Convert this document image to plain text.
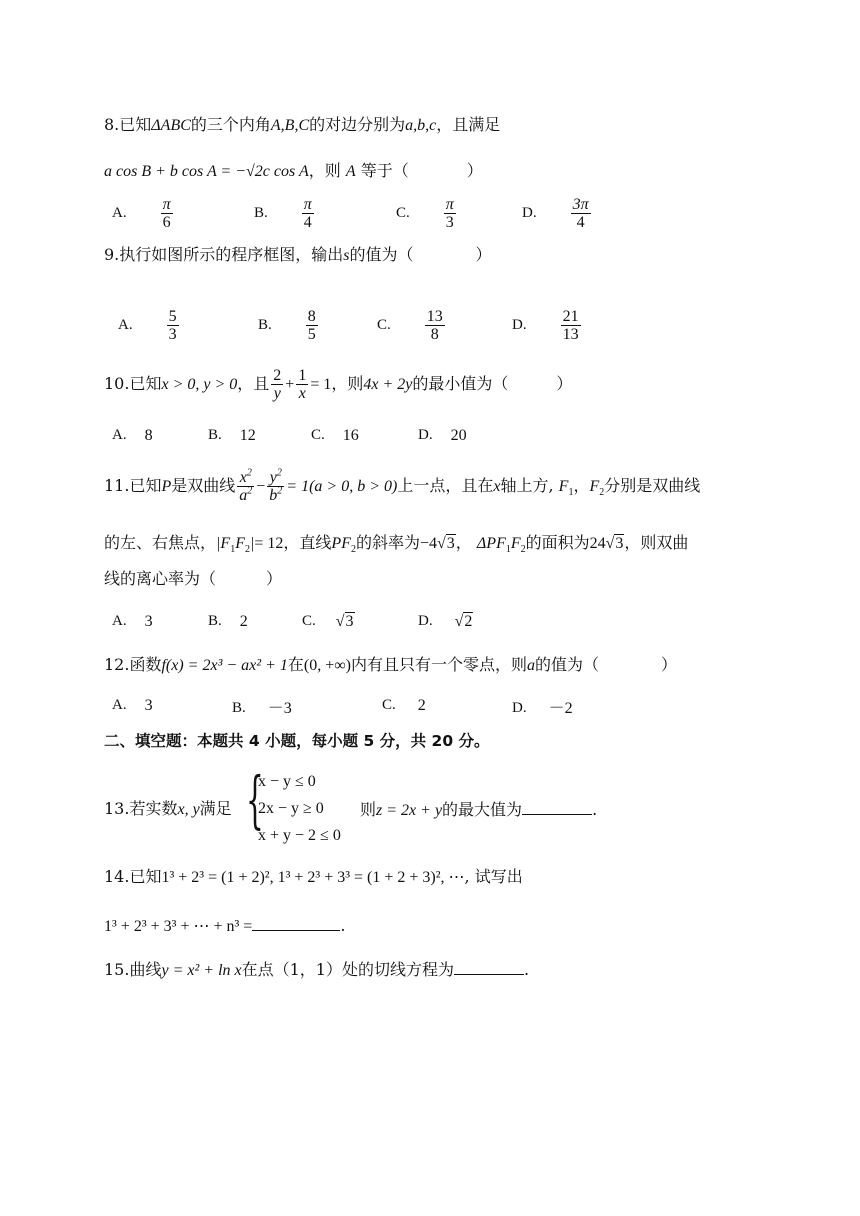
8.已知ΔABC的三个内角A,B,C的对边分别为a,b,c，且满足
a cos B + b cos A = −√2c cos A，则 A 等于（	）
A. $\frac{\pi}{6}$	B. $\frac{\pi}{4}$	C. $\frac{\pi}{3}$	D. $\frac{3\pi}{4}$
9.执行如图所示的程序框图，输出s的值为（	）
A. $\frac{5}{3}$	B. $\frac{8}{5}$	C. $\frac{13}{8}$	D. $\frac{21}{13}$
10.已知x > 0, y > 0，且 $\frac{2}{y} + \frac{1}{x} = 1$，则4x + 2y的最小值为（	）
A. 8	B. 12	C. 16	D. 20
11.已知P是双曲线 $\frac{x^2}{a^2} - \frac{y^2}{b^2} = 1(a > 0$, b > 0)上一点，且在x轴上方, $F_1$，$F_2$分别是双曲线
的左、右焦点，$|F_1F_2|= 12$，直线$PF_2$的斜率为−4√3， $\Delta PF_1F_2$的面积为24√3，则双曲
线的离心率为（	）
A. 3	B. 2	C. √3	D. √2
12.函数f(x) = 2x³ − ax² + 1在(0, +∞)内有且只有一个零点，则a的值为（	）
A. 3	B. －3	C. 2	D. －2
二、填空题：本题共 4 小题，每小题 5 分，共 20 分。
13.若实数x, y满足 {
x − y ≤ 0
2x − y ≥ 0
x + y − 2 ≤ 0
则z = 2x + y的最大值为	.
14.已知1³ + 2³ = (1 + 2)², 1³ + 2³ + 3³ = (1 + 2 + 3)², ⋯, 试写出
1³ + 2³ + 3³ + ⋯ + n³ =	.
15.曲线y = x² + ln x在点（1，1）处的切线方程为	.
